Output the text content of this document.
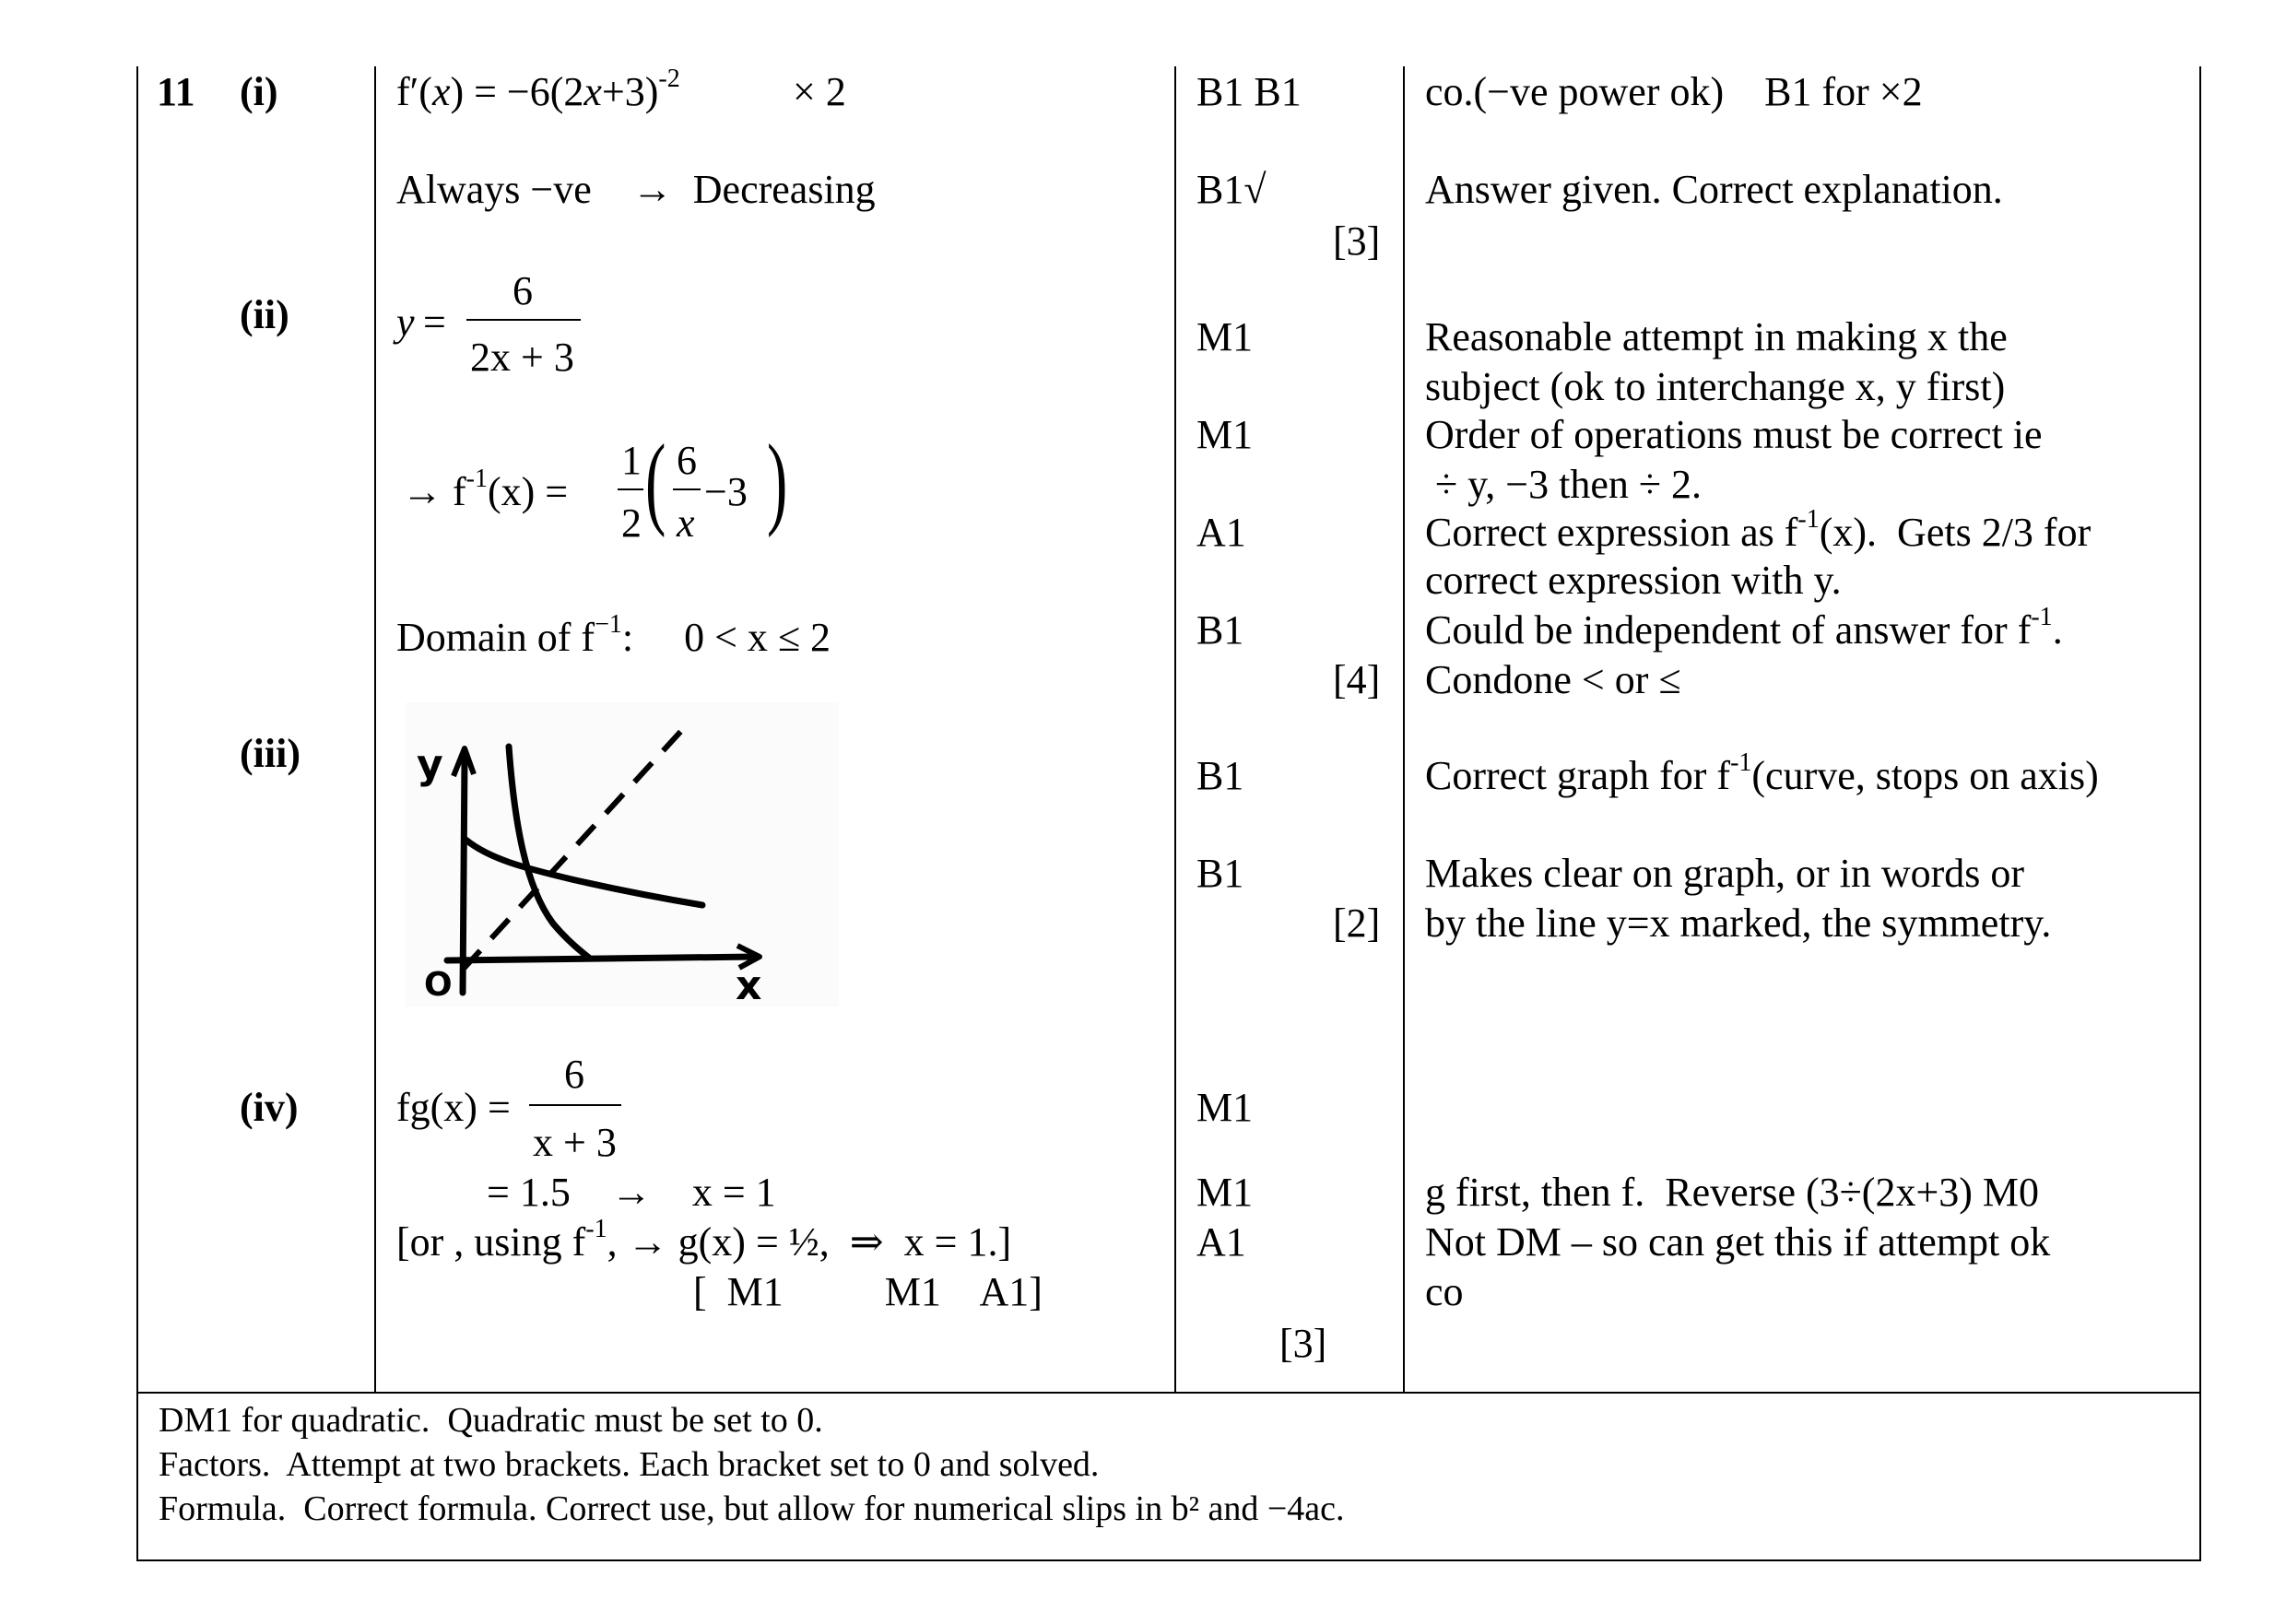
11 (i)
(ii)
(iii)
(iv)
$f'(x) = -6(2x+3)^{-2}$	× 2
Always −ve    →  Decreasing
B1 B1
B1√
[3]
co.(−ve power ok)    B1 for ×2
Answer given. Correct explanation.
y
=
6
2x + 3
→ $f^{-1}(x)$ =
1
2 ( 6
x
−3 )
Domain of $f^{-1}$:     0 < x ≤ 2
M1
M1
A1
B1
[4]
Reasonable attempt in making x the
subject (ok to interchange x, y first)
Order of operations must be correct ie
÷ y, −3 then ÷ 2.
Correct expression as $f^{-1}(x)$.  Gets 2/3 for
correct expression with y.
Could be independent of answer for $f^{-1}$.
Condone < or ≤
y
x
O
B1
B1
[2]
Correct graph for $f^{-1}(curve$, stops on axis)
Makes clear on graph, or in words or
by the line y=x marked, the symmetry.
fg(x) =
6
x + 3
= 1.5    →    x = 1
[or , using $f^{-1}$, → g(x) = ½,  ⇒  x = 1.]
[  M1          M1    A1]
M1
M1
A1
[3]
g first, then f.  Reverse (3÷(2x+3) M0
Not DM – so can get this if attempt ok
co
DM1 for quadratic.  Quadratic must be set to 0.
Factors.  Attempt at two brackets. Each bracket set to 0 and solved.
Formula.  Correct formula. Correct use, but allow for numerical slips in b² and −4ac.
